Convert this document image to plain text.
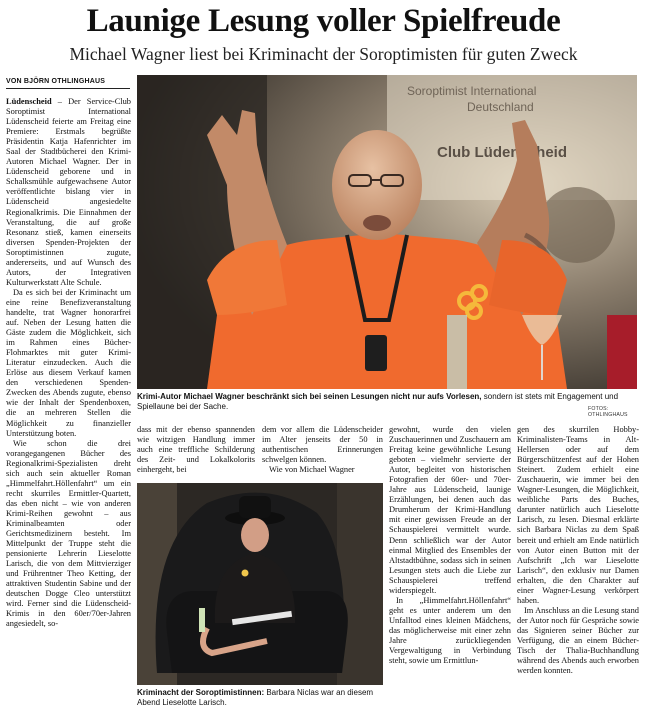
Launige Lesung voller Spielfreude
Michael Wagner liest bei Kriminacht der Soroptimisten für guten Zweck
VON BJÖRN OTHLINGHAUS

Lüdenscheid – Der Service-Club Soroptimist International Lüdenscheid feierte am Freitag eine Premiere: Erstmals begrüßte Präsidentin Katja Hafenrichter im Saal der Stadtbücherei den Krimi-Autoren Michael Wagner. Der in Lüdenscheid geborene und in Schalksmühle aufgewachsene Autor veröffentlichte bislang vier in Lüdenscheid angesiedelte Regionalkrimis. Die Einnahmen der Veranstaltung, die auf große Resonanz stieß, kamen einerseits diversen Spenden-Projekten der Soroptimistinnen zugute, andererseits, und auf Wunsch des Autors, der Integrativen Kulturwerkstatt Alte Schule.

Da es sich bei der Kriminacht um eine reine Benefizveranstaltung handelte, trat Wagner honorarfrei auf. Neben der Lesung hatten die Gäste zudem die Möglichkeit, sich im Rahmen eines Bücher-Flohmarktes mit guter Krimi-Literatur einzudecken. Auch die Erlöse aus diesem Verkauf kamen den verschiedenen Spenden-Zwecken des Abends zugute, ebenso wie der Inhalt der Spendenboxen, die an mehreren Stellen die Möglichkeit zu finanzieller Unterstützung boten.

Wie schon die drei vorangegangenen Bücher des Regionalkrimi-Spezialisten dreht sich auch sein aktueller Roman „Himmelfahrt.Höllenfahrt“ um ein recht skurriles Ermittler-Quartett, das eben nicht – wie von anderen Krimi-Reihen gewohnt – aus Kriminalbeamten oder Gerichtsmedizinern besteht. Im Mittelpunkt der Truppe steht die pensionierte Lehrerin Lieselotte Larisch, die von dem Mittvierziger und Frührentner Theo Ketting, der attraktiven Studentin Sabine und der deutschen Dogge Cleo unterstützt wird. Ferner sind die Lüdenscheid-Krimis in den 60er/70er-Jahren angesiedelt, so-

Soroptimist International
Deutschland
Club Lüdenscheid
Krimi-Autor Michael Wagner beschränkt sich bei seinen Lesungen nicht nur aufs Vorlesen, sondern ist stets mit Engagement und Spiellaune bei der Sache.	FOTOS: OTHLINGHAUS

dass mit der ebenso spannenden wie witzigen Handlung immer auch eine treffliche Schilderung des Zeit- und Lokalkolorits einhergeht, bei

dem vor allem die Lüdenscheider im Alter jenseits der 50 in authentischen Erinnerungen schwelgen können.

Wie von Michael Wagner

Kriminacht der Soroptimistinnen: Barbara Niclas war an diesem Abend Lieselotte Larisch.

gewohnt, wurde den vielen Zuschauerinnen und Zuschauern am Freitag keine gewöhnliche Lesung geboten – vielmehr servierte der Autor, begleitet von historischen Fotografien der 60er- und 70er- Jahre aus Lüdenscheid, launige Erzählungen, bei denen auch das Drumherum der Krimi-Handlung mit einer gewissen Freude an der Schauspielerei vermittelt wurde. Denn schließlich war der Autor einmal Mitglied des Ensembles der Altstadtbühne, sodass sich in seinen Lesungen stets auch die Liebe zur Schauspielerei treffend widerspiegelt.

In „Himmelfahrt.Höllenfahrt“ geht es unter anderem um den Unfalltod eines kleinen Mädchens, das möglicherweise mit einer zehn Jahre zurückliegenden Vergewaltigung in Verbindung steht, sowie um Ermittlun-

gen des skurrilen Hobby-Kriminalisten-Teams in Alt-Hellersen oder auf dem Bürgerschützenfest auf der Hohen Steinert. Zudem erhielt eine Zuschauerin, wie immer bei den Wagner-Lesungen, die Möglichkeit, weibliche Parts des Buches, darunter natürlich auch Lieselotte Larisch, zu lesen. Diesmal erklärte sich Barbara Niclas zu dem Spaß bereit und erhielt am Ende natürlich von Autor einen Button mit der Aufschrift „Ich war Lieselotte Larisch“, den exklusiv nur Damen erhalten, die den Charakter auf einer Wagner-Lesung verkörpert haben.

Im Anschluss an die Lesung stand der Autor noch für Gespräche sowie das Signieren seiner Bücher zur Verfügung, die an einem Bücher-Tisch der Thalia-Buchhandlung während des Abends auch erworben werden konnten.
